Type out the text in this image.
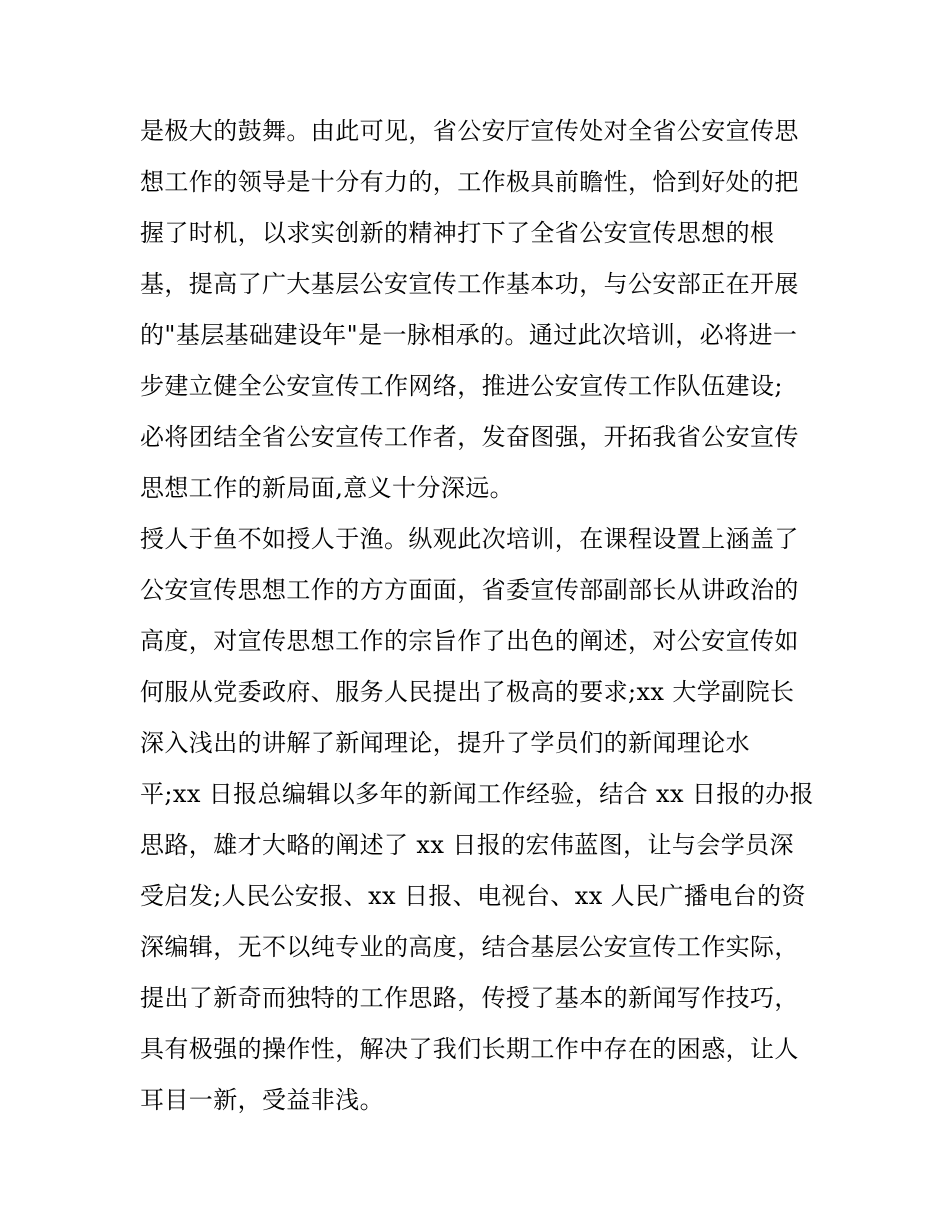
是极大的鼓舞。由此可见，省公安厅宣传处对全省公安宣传思
想工作的领导是十分有力的，工作极具前瞻性，恰到好处的把
握了时机，以求实创新的精神打下了全省公安宣传思想的根
基，提高了广大基层公安宣传工作基本功，与公安部正在开展
的"基层基础建设年"是一脉相承的。通过此次培训，必将进一
步建立健全公安宣传工作网络，推进公安宣传工作队伍建设;
必将团结全省公安宣传工作者，发奋图强，开拓我省公安宣传
思想工作的新局面,意义十分深远。
授人于鱼不如授人于渔。纵观此次培训，在课程设置上涵盖了
公安宣传思想工作的方方面面，省委宣传部副部长从讲政治的
高度，对宣传思想工作的宗旨作了出色的阐述，对公安宣传如
何服从党委政府、服务人民提出了极高的要求;xx 大学副院长
深入浅出的讲解了新闻理论，提升了学员们的新闻理论水
平;xx 日报总编辑以多年的新闻工作经验，结合 xx 日报的办报
思路，雄才大略的阐述了 xx 日报的宏伟蓝图，让与会学员深
受启发;人民公安报、xx 日报、电视台、xx 人民广播电台的资
深编辑，无不以纯专业的高度，结合基层公安宣传工作实际，
提出了新奇而独特的工作思路，传授了基本的新闻写作技巧，
具有极强的操作性，解决了我们长期工作中存在的困惑，让人
耳目一新，受益非浅。
